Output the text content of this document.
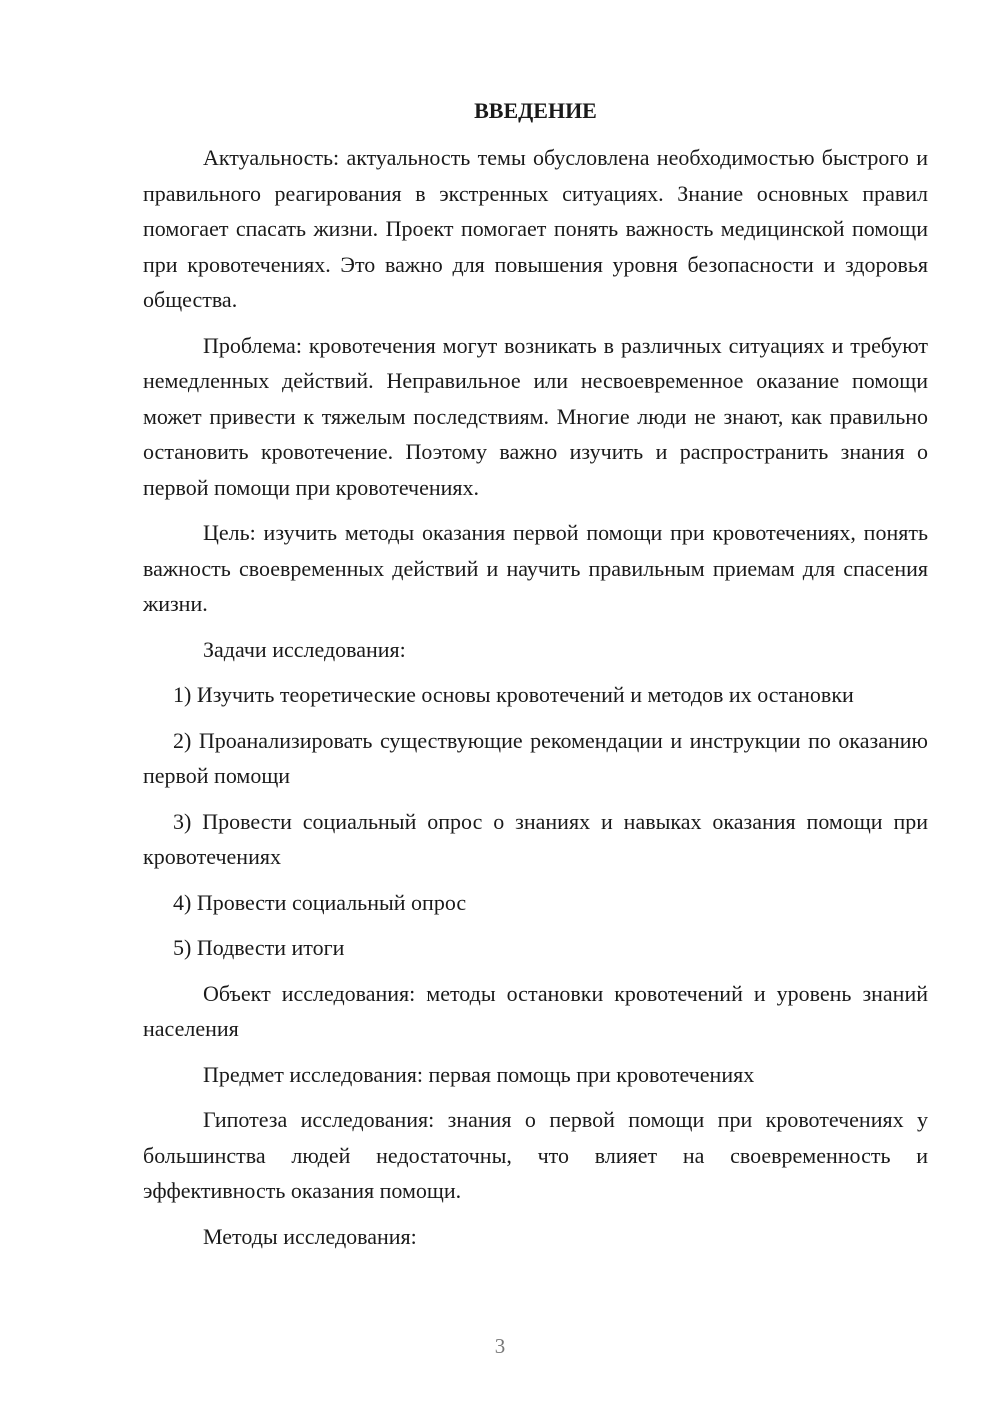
ВВЕДЕНИЕ

Актуальность: актуальность темы обусловлена необходимостью быстрого и правильного реагирования в экстренных ситуациях. Знание основных правил помогает спасать жизни. Проект помогает понять важность медицинской помощи при кровотечениях. Это важно для повышения уровня безопасности и здоровья общества.

Проблема: кровотечения могут возникать в различных ситуациях и требуют немедленных действий. Неправильное или несвоевременное оказание помощи может привести к тяжелым последствиям. Многие люди не знают, как правильно остановить кровотечение. Поэтому важно изучить и распространить знания о первой помощи при кровотечениях.

Цель: изучить методы оказания первой помощи при кровотечениях, понять важность своевременных действий и научить правильным приемам для спасения жизни.

Задачи исследования:

1) Изучить теоретические основы кровотечений и методов их остановки

2) Проанализировать существующие рекомендации и инструкции по оказанию первой помощи

3) Провести социальный опрос о знаниях и навыках оказания помощи при кровотечениях

4) Провести социальный опрос

5) Подвести итоги

Объект исследования: методы остановки кровотечений и уровень знаний населения

Предмет исследования: первая помощь при кровотечениях

Гипотеза исследования: знания о первой помощи при кровотечениях у большинства людей недостаточны, что влияет на своевременность и эффективность оказания помощи.

Методы исследования:

3
